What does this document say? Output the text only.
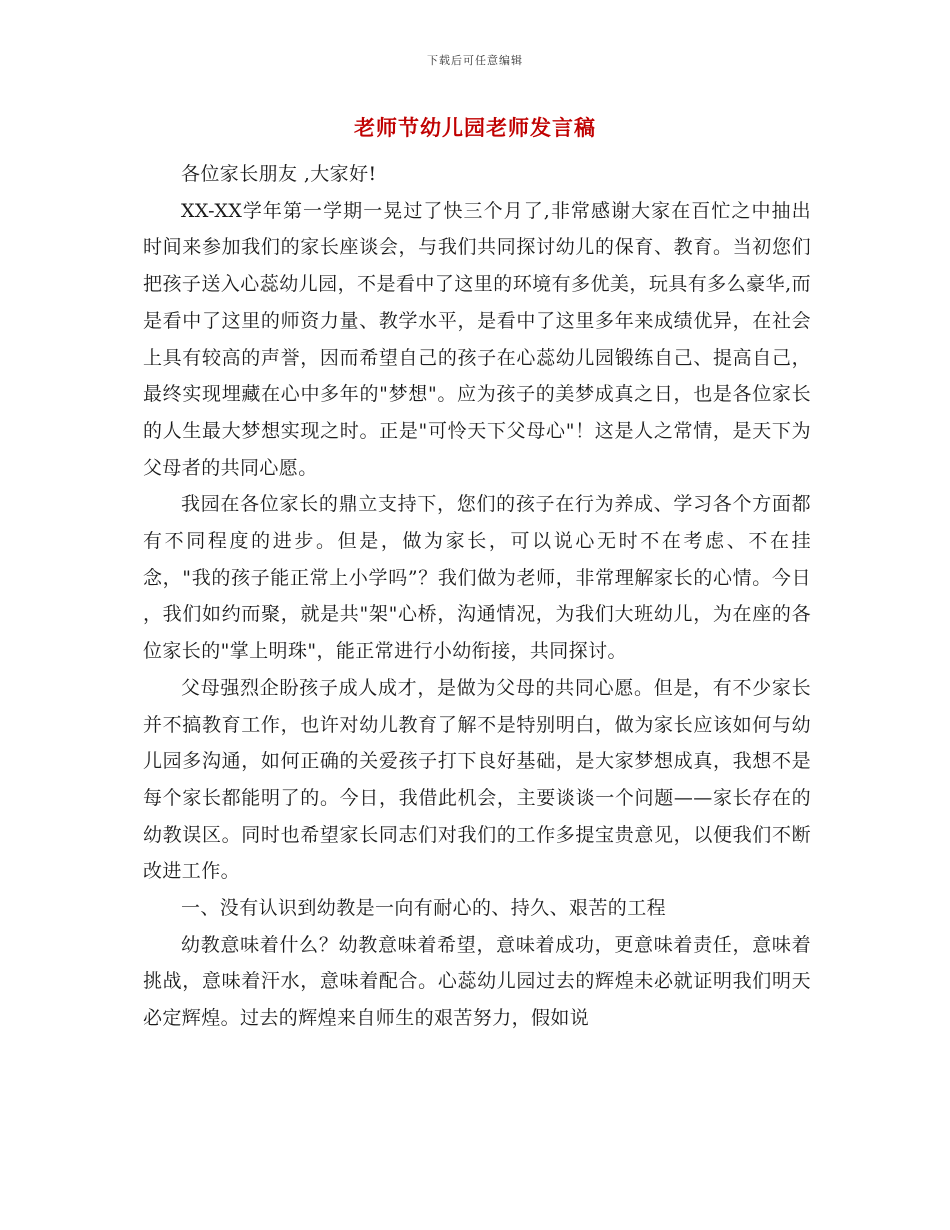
下载后可任意编辑
老师节幼儿园老师发言稿

各位家长朋友 ,大家好!

XX-XX学年第一学期一晃过了快三个月了,非常感谢大家在百忙之中抽出时间来参加我们的家长座谈会，与我们共同探讨幼儿的保育、教育。当初您们把孩子送入心蕊幼儿园，不是看中了这里的环境有多优美，玩具有多么豪华,而是看中了这里的师资力量、教学水平，是看中了这里多年来成绩优异，在社会上具有较高的声誉，因而希望自己的孩子在心蕊幼儿园锻练自己、提高自己，最终实现埋藏在心中多年的"梦想"。应为孩子的美梦成真之日，也是各位家长的人生最大梦想实现之时。正是"可怜天下父母心"！这是人之常情，是天下为父母者的共同心愿。

我园在各位家长的鼎立支持下，您们的孩子在行为养成、学习各个方面都有不同程度的进步。但是，做为家长，可以说心无时不在考虑、不在挂念，"我的孩子能正常上小学吗”？我们做为老师，非常理解家长的心情。今日 ，我们如约而聚，就是共"架"心桥，沟通情况，为我们大班幼儿，为在座的各位家长的"掌上明珠"，能正常进行小幼衔接，共同探讨。

父母强烈企盼孩子成人成才，是做为父母的共同心愿。但是，有不少家长并不搞教育工作，也许对幼儿教育了解不是特别明白，做为家长应该如何与幼儿园多沟通，如何正确的关爱孩子打下良好基础，是大家梦想成真，我想不是每个家长都能明了的。今日，我借此机会，主要谈谈一个问题——家长存在的幼教误区。同时也希望家长同志们对我们的工作多提宝贵意见，以便我们不断改进工作。

一、没有认识到幼教是一向有耐心的、持久、艰苦的工程

幼教意味着什么？幼教意味着希望，意味着成功，更意味着责任，意味着挑战，意味着汗水，意味着配合。心蕊幼儿园过去的辉煌未必就证明我们明天必定辉煌。过去的辉煌来自师生的艰苦努力，假如说
